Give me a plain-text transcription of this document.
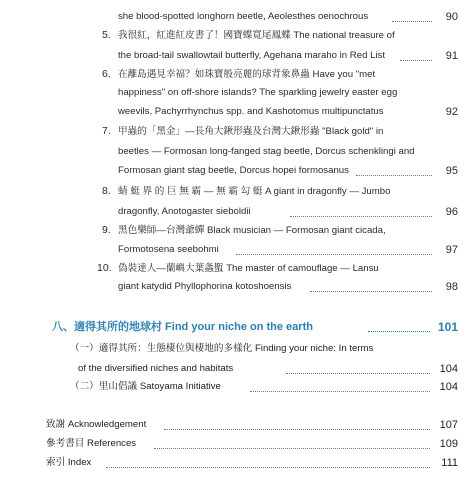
she blood-spotted longhorn beetle, Aeolesthes oenochrous	90
5. 我很紅，紅進紅皮書了！國寶蝶寬尾鳳蝶 The national treasure of
the broad-tail swallowtail butterfly, Agehana maraho in Red List	91
6. 在離島遇見幸福？如珠寶般亮麗的球背象鼻蟲 Have you "met
happiness" on off-shore islands? The sparkling jewelry easter egg
weevils, Pachyrrhynchus spp. and Kashotomus multipunctatus	92
7. 甲蟲的「黑金」—長角大鍬形蟲及台灣大鍬形蟲 "Black gold" in
beetles — Formosan long-fanged stag beetle, Dorcus schenklingi and
Formosan giant stag beetle, Dorcus hopei formosanus	95
8. 蜻 蜓 界 的 巨 無 霸 — 無 霸 勾 蜓 A giant in dragonfly — Jumbo
dragonfly, Anotogaster sieboldii	96
9. 黑色樂師—台灣爺蟬 Black musician — Formosan giant cicada,
Formotosena seebohmi	97
10. 偽裝達人—蘭嶼大葉螽蟴 The master of camouflage — Lansu
giant katydid Phyllophorina kotoshoensis	98
八、適得其所的地球村 Find your niche on the earth	101
（一）適得其所：生態棲位與棲地的多樣化 Finding your niche: In terms
of the diversified niches and habitats	104
（二）里山倡議 Satoyama Initiative	104
致謝 Acknowledgement	107
參考書目 References	109
索引 Index	111
